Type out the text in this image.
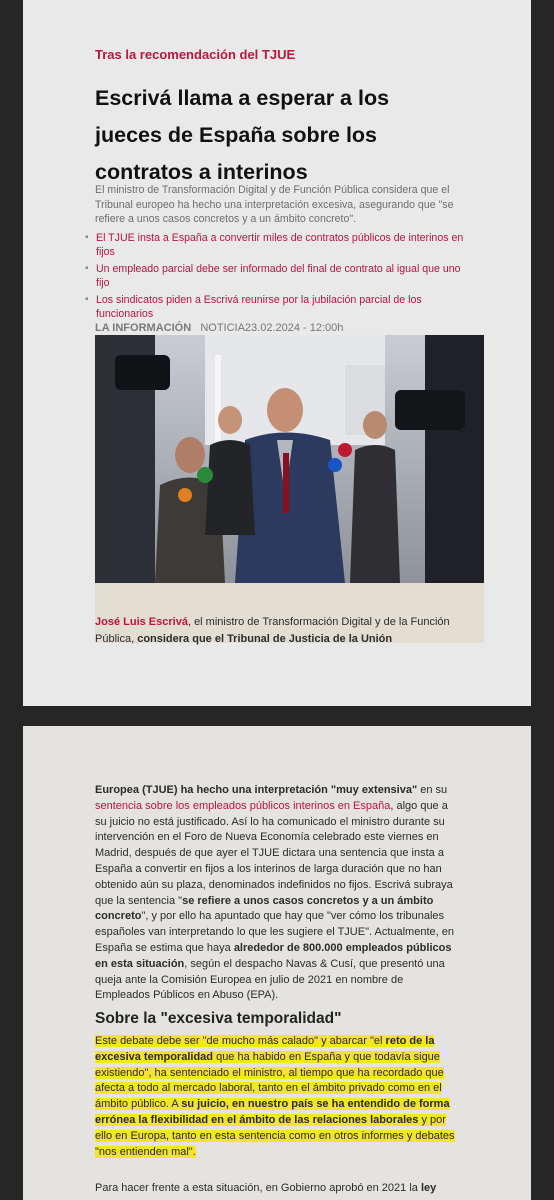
Tras la recomendación del TJUE
Escrivá llama a esperar a los jueces de España sobre los contratos a interinos
El ministro de Transformación Digital y de Función Pública considera que el Tribunal europeo ha hecho una interpretación excesiva, asegurando que "se refiere a unos casos concretos y a un ámbito concreto".
▪ El TJUE insta a España a convertir miles de contratos públicos de interinos en fijos
▪ Un empleado parcial debe ser informado del final de contrato al igual que uno fijo
▪ Los sindicatos piden a Escrivá reunirse por la jubilación parcial de los funcionarios
LA INFORMACIÓN NOTICIA23.02.2024 - 12:00h
José Luis Escrivá, el ministro de Transformación Digital y de la Función Pública, considera que el Tribunal de Justicia de la Unión
Europea (TJUE) ha hecho una interpretación "muy extensiva" en su sentencia sobre los empleados públicos interinos en España, algo que a su juicio no está justificado. Así lo ha comunicado el ministro durante su intervención en el Foro de Nueva Economía celebrado este viernes en Madrid, después de que ayer el TJUE dictara una sentencia que insta a España a convertir en fijos a los interinos de larga duración que no han obtenido aún su plaza, denominados indefinidos no fijos. Escrivá subraya que la sentencia "se refiere a unos casos concretos y a un ámbito concreto", y por ello ha apuntado que hay que "ver cómo los tribunales españoles van interpretando lo que les sugiere el TJUE". Actualmente, en España se estima que haya alrededor de 800.000 empleados públicos en esta situación, según el despacho Navas & Cusí, que presentó una queja ante la Comisión Europea en julio de 2021 en nombre de Empleados Públicos en Abuso (EPA).
Sobre la "excesiva temporalidad"
Este debate debe ser "de mucho más calado" y abarcar "el reto de la excesiva temporalidad que ha habido en España y que todavía sigue existiendo", ha sentenciado el ministro, al tiempo que ha recordado que afecta a todo al mercado laboral, tanto en el ámbito privado como en el ámbito público. A su juicio, en nuestro país se ha entendido de forma errónea la flexibilidad en el ámbito de las relaciones laborales y por ello en Europa, tanto en esta sentencia como en otros informes y debates "nos entienden mal".
Para hacer frente a esta situación, en Gobierno aprobó en 2021 la ley
